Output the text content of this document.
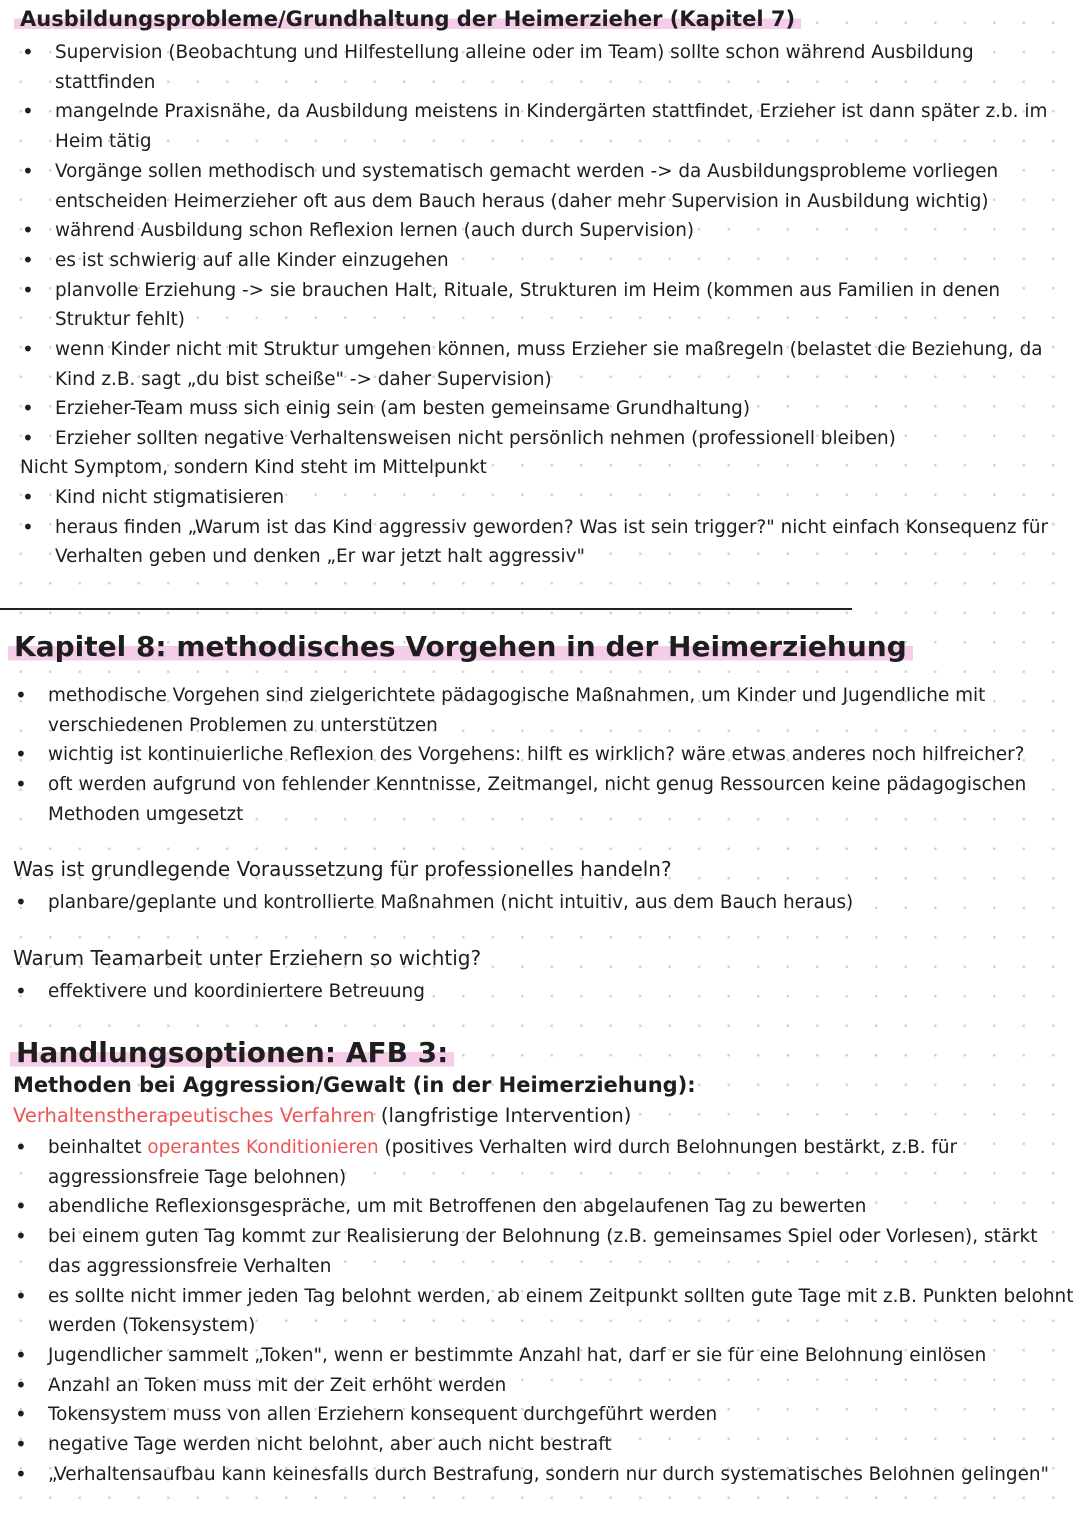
Ausbildungsprobleme/Grundhaltung der Heimerzieher (Kapitel 7)
• Supervision (Beobachtung und Hilfestellung alleine oder im Team) sollte schon während Ausbildung stattfinden
• mangelnde Praxisnähe, da Ausbildung meistens in Kindergärten stattfindet, Erzieher ist dann später z.b. im Heim tätig
• Vorgänge sollen methodisch und systematisch gemacht werden -> da Ausbildungsprobleme vorliegen entscheiden Heimerzieher oft aus dem Bauch heraus (daher mehr Supervision in Ausbildung wichtig)
• während Ausbildung schon Reflexion lernen (auch durch Supervision)
• es ist schwierig auf alle Kinder einzugehen
• planvolle Erziehung -> sie brauchen Halt, Rituale, Strukturen im Heim (kommen aus Familien in denen Struktur fehlt)
• wenn Kinder nicht mit Struktur umgehen können, muss Erzieher sie maßregeln (belastet die Beziehung, da Kind z.B. sagt „du bist scheiße" -> daher Supervision)
• Erzieher-Team muss sich einig sein (am besten gemeinsame Grundhaltung)
• Erzieher sollten negative Verhaltensweisen nicht persönlich nehmen (professionell bleiben)
Nicht Symptom, sondern Kind steht im Mittelpunkt
• Kind nicht stigmatisieren
• heraus finden „Warum ist das Kind aggressiv geworden? Was ist sein trigger?" nicht einfach Konsequenz für Verhalten geben und denken „Er war jetzt halt aggressiv"
Kapitel 8: methodisches Vorgehen in der Heimerziehung
• methodische Vorgehen sind zielgerichtete pädagogische Maßnahmen, um Kinder und Jugendliche mit verschiedenen Problemen zu unterstützen
• wichtig ist kontinuierliche Reflexion des Vorgehens: hilft es wirklich? wäre etwas anderes noch hilfreicher?
• oft werden aufgrund von fehlender Kenntnisse, Zeitmangel, nicht genug Ressourcen keine pädagogischen Methoden umgesetzt
Was ist grundlegende Voraussetzung für professionelles handeln?
• planbare/geplante und kontrollierte Maßnahmen (nicht intuitiv, aus dem Bauch heraus)
Warum Teamarbeit unter Erziehern so wichtig?
• effektivere und koordiniertere Betreuung
Handlungsoptionen: AFB 3:
Methoden bei Aggression/Gewalt (in der Heimerziehung):
Verhaltenstherapeutisches Verfahren (langfristige Intervention)
• beinhaltet operantes Konditionieren (positives Verhalten wird durch Belohnungen bestärkt, z.B. für aggressionsfreie Tage belohnen)
• abendliche Reflexionsgespräche, um mit Betroffenen den abgelaufenen Tag zu bewerten
• bei einem guten Tag kommt zur Realisierung der Belohnung (z.B. gemeinsames Spiel oder Vorlesen), stärkt das aggressionsfreie Verhalten
• es sollte nicht immer jeden Tag belohnt werden, ab einem Zeitpunkt sollten gute Tage mit z.B. Punkten belohnt werden (Tokensystem)
• Jugendlicher sammelt „Token", wenn er bestimmte Anzahl hat, darf er sie für eine Belohnung einlösen
• Anzahl an Token muss mit der Zeit erhöht werden
• Tokensystem muss von allen Erziehern konsequent durchgeführt werden
• negative Tage werden nicht belohnt, aber auch nicht bestraft
• „Verhaltensaufbau kann keinesfalls durch Bestrafung, sondern nur durch systematisches Belohnen gelingen"
